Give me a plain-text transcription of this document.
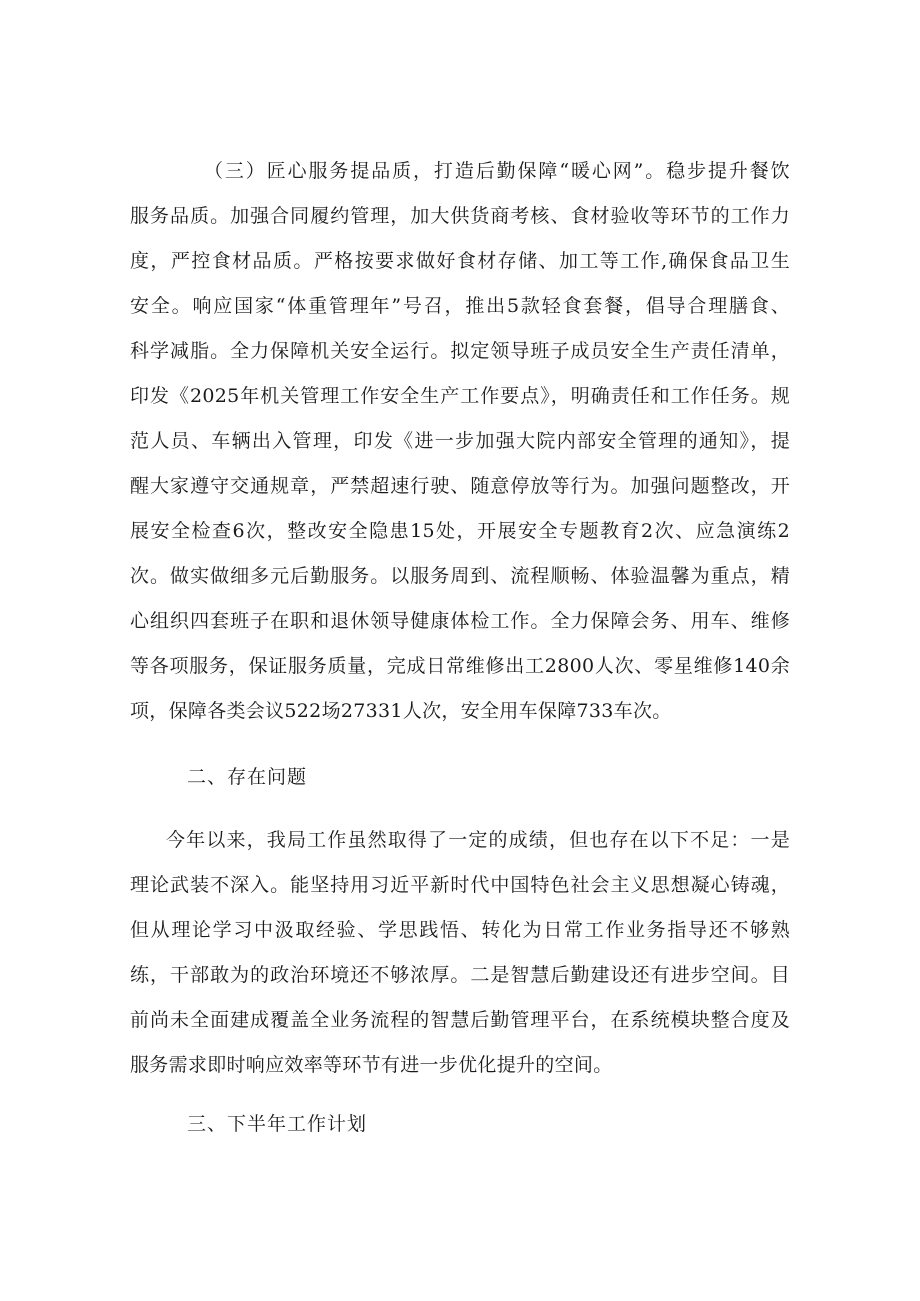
（三）匠心服务提品质，打造后勤保障“暖心网”。稳步提升餐饮
服务品质。加强合同履约管理，加大供货商考核、食材验收等环节的工作力
度，严控食材品质。严格按要求做好食材存储、加工等工作,确保食品卫生
安全。响应国家“体重管理年”号召，推出5款轻食套餐，倡导合理膳食、
科学减脂。全力保障机关安全运行。拟定领导班子成员安全生产责任清单，
印发《2025年机关管理工作安全生产工作要点》，明确责任和工作任务。规
范人员、车辆出入管理，印发《进一步加强大院内部安全管理的通知》，提
醒大家遵守交通规章，严禁超速行驶、随意停放等行为。加强问题整改，开
展安全检查6次，整改安全隐患15处，开展安全专题教育2次、应急演练2
次。做实做细多元后勤服务。以服务周到、流程顺畅、体验温馨为重点，精
心组织四套班子在职和退休领导健康体检工作。全力保障会务、用车、维修
等各项服务，保证服务质量，完成日常维修出工2800人次、零星维修140余
项，保障各类会议522场27331人次，安全用车保障733车次。
二、存在问题
今年以来，我局工作虽然取得了一定的成绩，但也存在以下不足：一是
理论武装不深入。能坚持用习近平新时代中国特色社会主义思想凝心铸魂，
但从理论学习中汲取经验、学思践悟、转化为日常工作业务指导还不够熟
练，干部敢为的政治环境还不够浓厚。二是智慧后勤建设还有进步空间。目
前尚未全面建成覆盖全业务流程的智慧后勤管理平台，在系统模块整合度及
服务需求即时响应效率等环节有进一步优化提升的空间。
三、下半年工作计划
